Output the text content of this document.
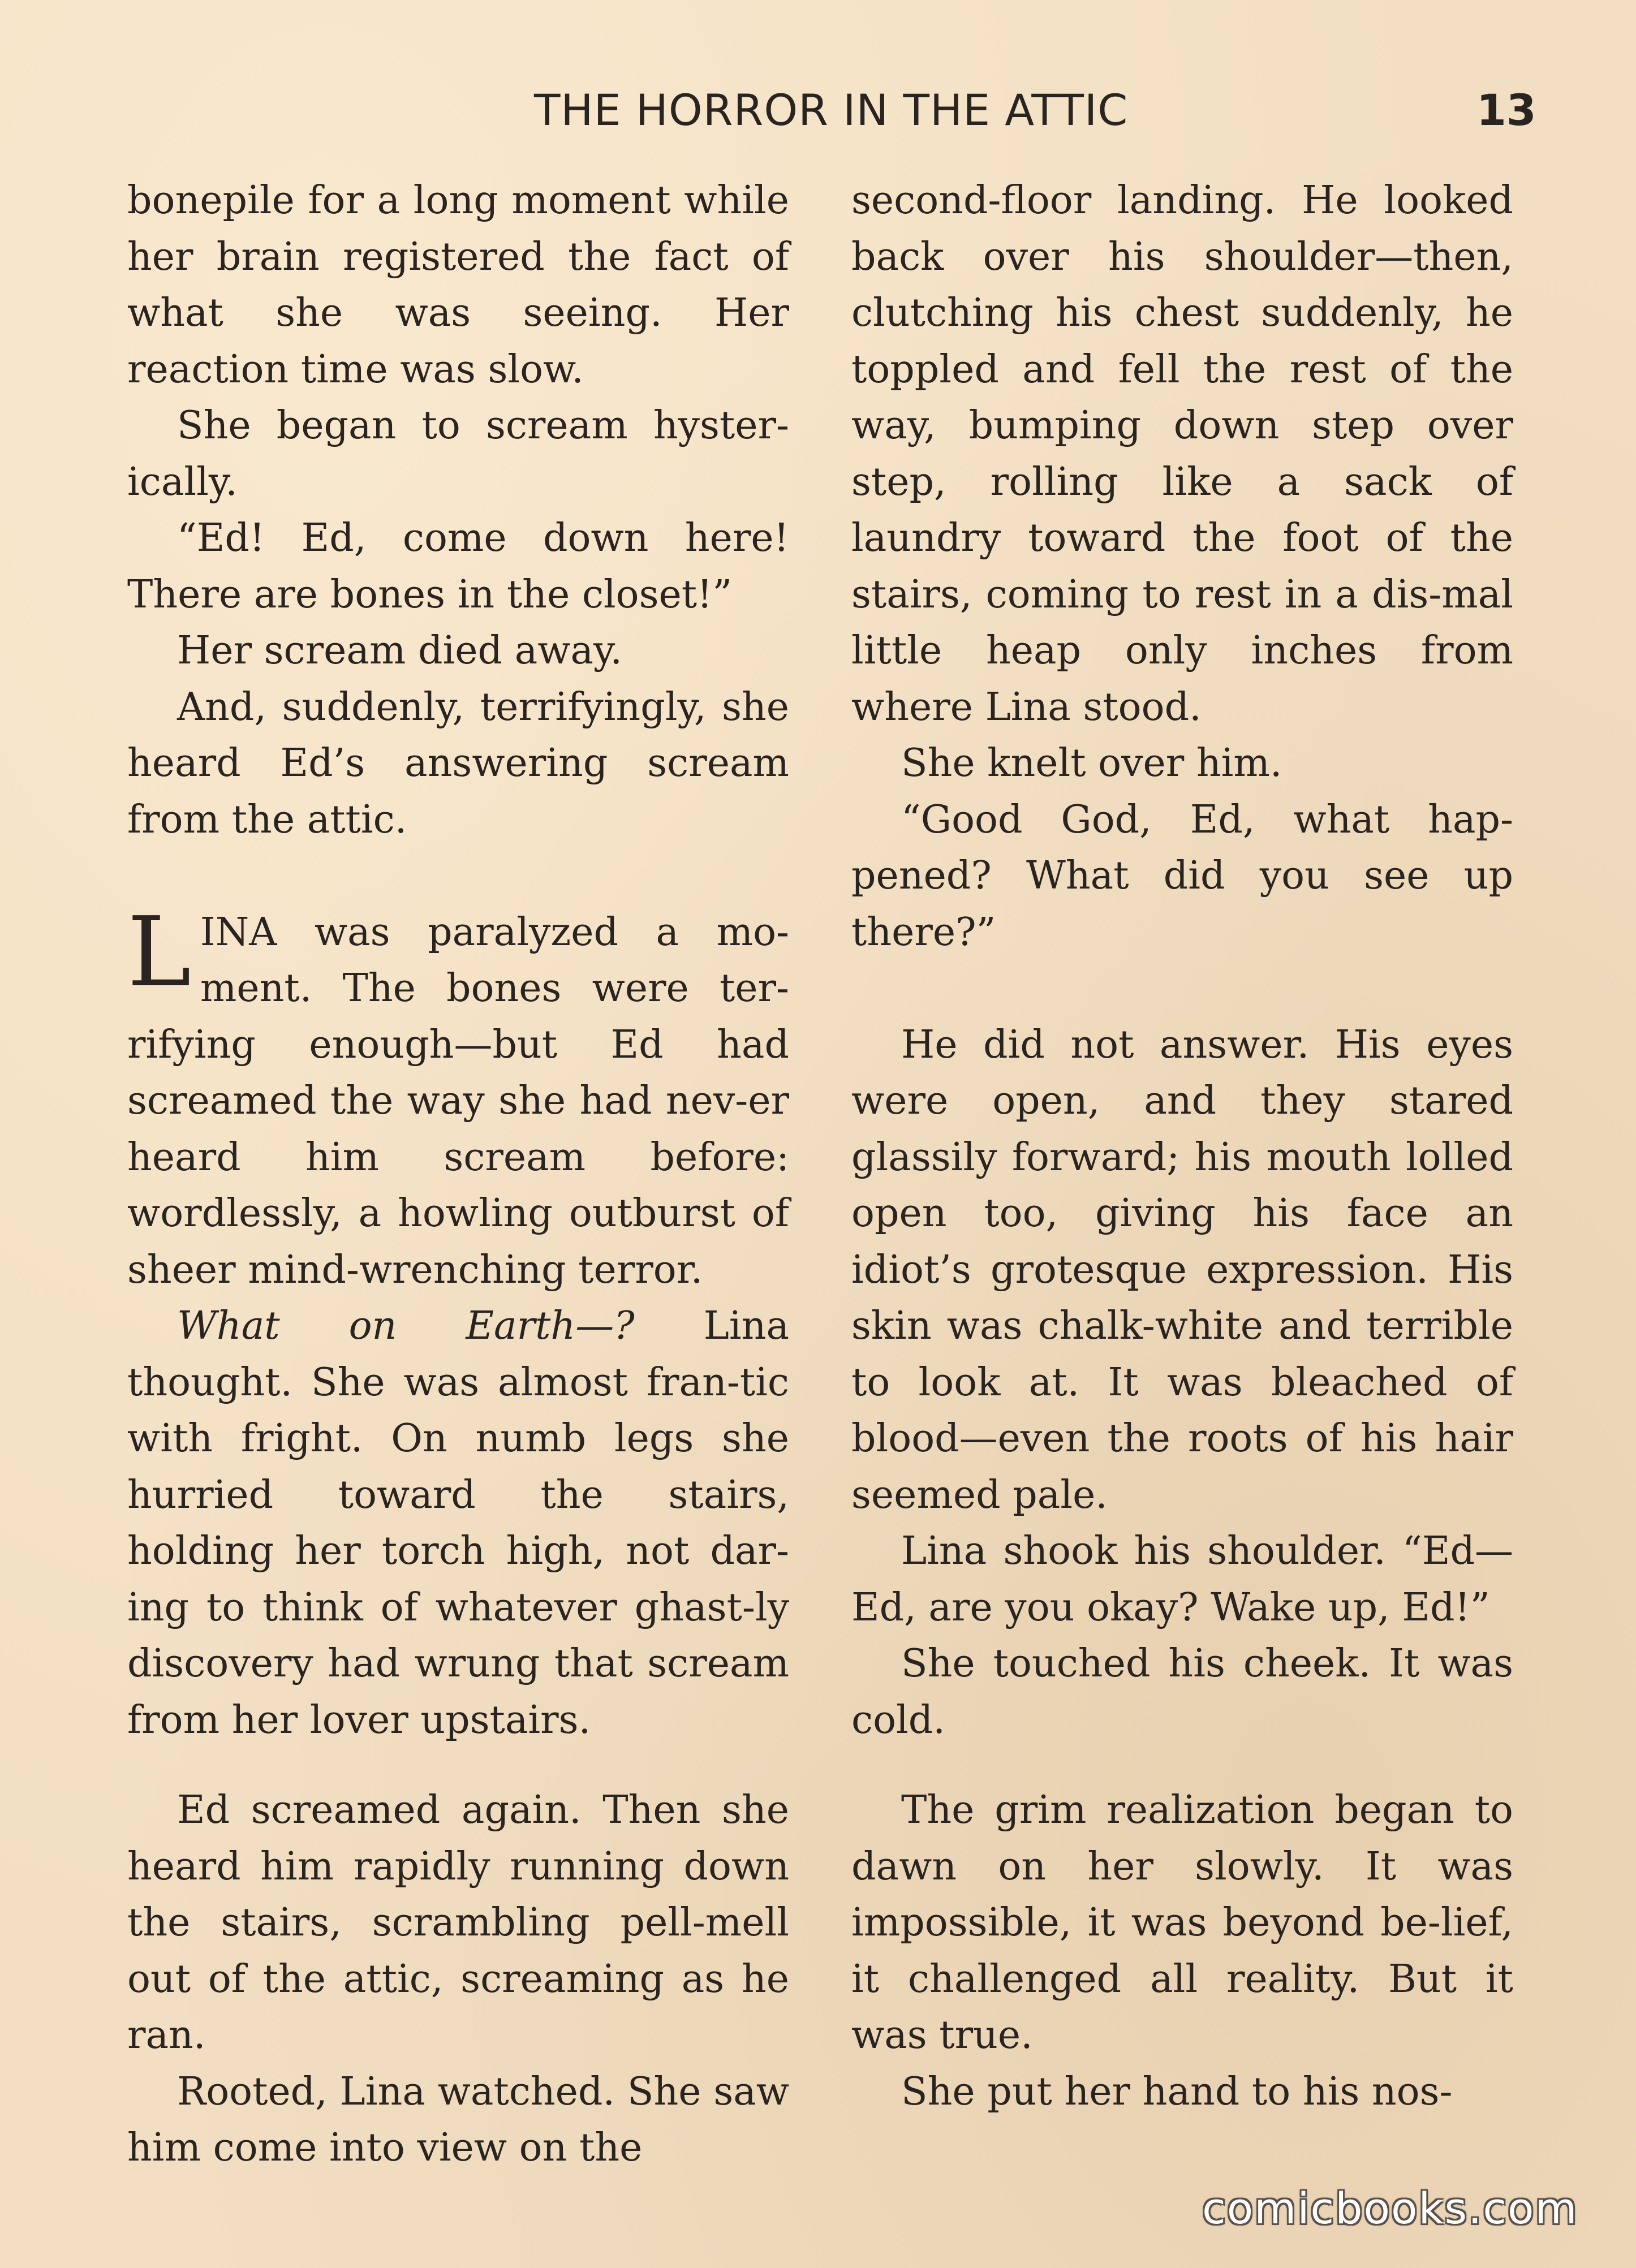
THE HORROR IN THE ATTIC	13

bonepile for a long moment while her brain registered the fact of what she was seeing. Her reaction time was slow.

She began to scream hyster-ically.

“Ed! Ed, come down here! There are bones in the closet!”

Her scream died away.

And, suddenly, terrifyingly, she heard Ed’s answering scream from the attic.

LINA was paralyzed a mo-ment. The bones were ter-rifying enough—but Ed had screamed the way she had nev-er heard him scream before: wordlessly, a howling outburst of sheer mind-wrenching terror.

What on Earth—? Lina thought. She was almost fran-tic with fright. On numb legs she hurried toward the stairs, holding her torch high, not dar-ing to think of whatever ghast-ly discovery had wrung that scream from her lover upstairs.

Ed screamed again. Then she heard him rapidly running down the stairs, scrambling pell-mell out of the attic, screaming as he ran.

Rooted, Lina watched. She saw him come into view on the

second-floor landing. He looked back over his shoulder—then, clutching his chest suddenly, he toppled and fell the rest of the way, bumping down step over step, rolling like a sack of laundry toward the foot of the stairs, coming to rest in a dis-mal little heap only inches from where Lina stood.

She knelt over him.

“Good God, Ed, what hap-pened? What did you see up there?”

He did not answer. His eyes were open, and they stared glassily forward; his mouth lolled open too, giving his face an idiot’s grotesque expression. His skin was chalk-white and terrible to look at. It was bleached of blood—even the roots of his hair seemed pale.

Lina shook his shoulder. “Ed—Ed, are you okay? Wake up, Ed!”

She touched his cheek. It was cold.

The grim realization began to dawn on her slowly. It was impossible, it was beyond be-lief, it challenged all reality. But it was true.

She put her hand to his nos-

comicbooks.com
